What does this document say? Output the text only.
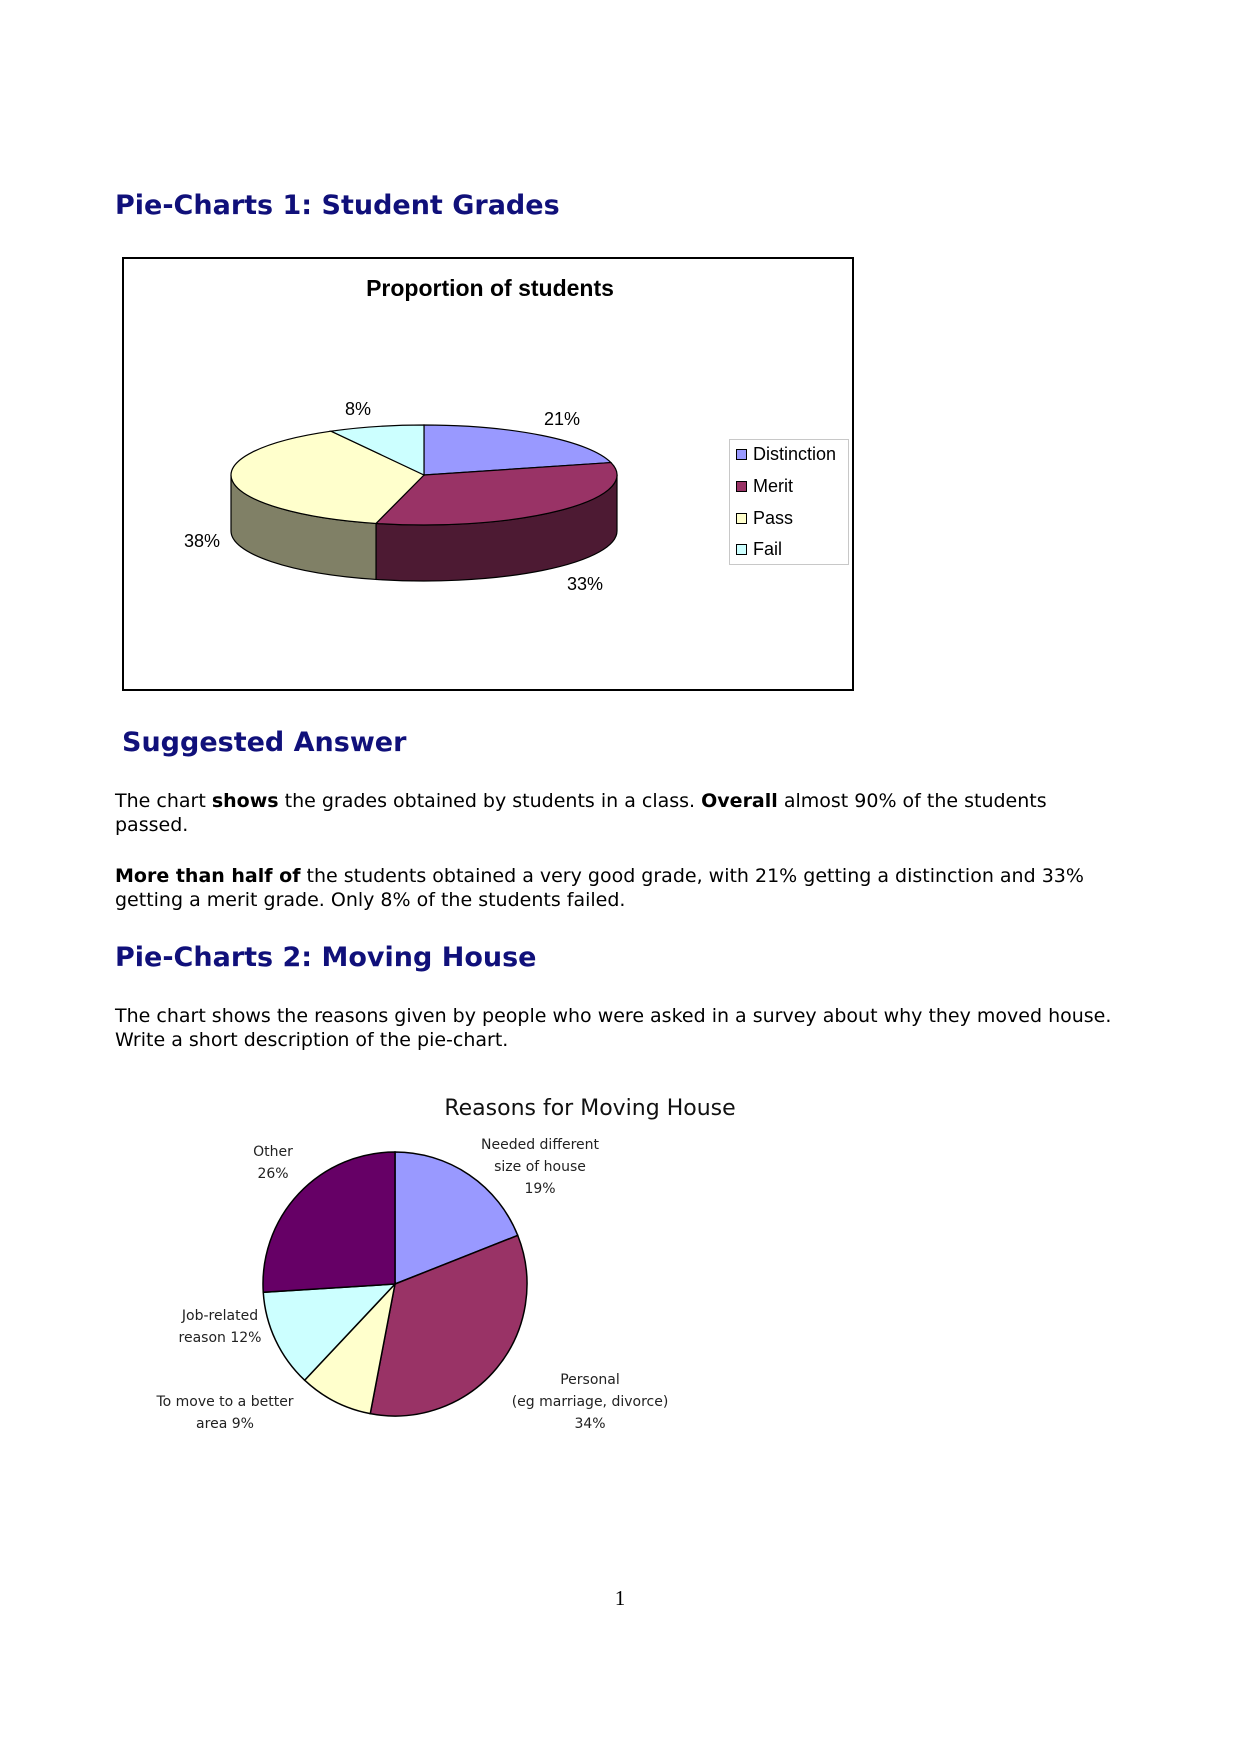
Pie-Charts 1: Student Grades
Proportion of students
8%	21%
38%
33%
Distinction
Merit
Pass
Fail
Suggested Answer

The chart shows the grades obtained by students in a class. Overall almost 90% of the students passed.

More than half of the students obtained a very good grade, with 21% getting a distinction and 33% getting a merit grade. Only 8% of the students failed.

Pie-Charts 2: Moving House

The chart shows the reasons given by people who were asked in a survey about why they moved house. Write a short description of the pie-chart.

Reasons for Moving House
Needed different
size of house
19%
Personal
(eg marriage, divorce)
34%
To move to a better
area 9%
Job-related
reason 12%
Other
26%
1
